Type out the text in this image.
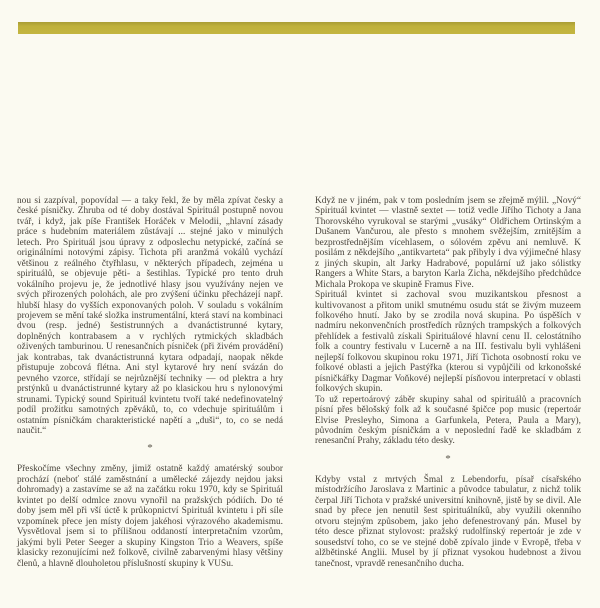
nou si zazpíval, popovídal — a taky řekl, že by měla zpívat česky a české písničky. Zhruba od té doby dostával Spirituál postupně novou tvář, i když, jak píše František Horáček v Melodii, „hlavní zásady práce s hudebním materiálem zůstávají ... stejné jako v minulých letech. Pro Spirituál jsou úpravy z odposlechu netypické, začíná se originálními notovými zápisy. Tichota při aranžmá vokálů vychází většinou z reálného čtyřhlasu, v některých případech, zejména u spirituálů, se objevuje pěti- a šestihlas. Typické pro tento druh vokálního projevu je, že jednotlivé hlasy jsou využívány nejen ve svých přirozených polohách, ale pro zvýšení účinku přecházejí např. hlubší hlasy do vyšších exponovaných poloh. V souladu s vokálním projevem se mění také složka instrumentální, která staví na kombinaci dvou (resp. jedné) šestistrunných a dvanáctistrunné kytary, doplněných kontrabasem a v rychlých rytmických skladbách oživených tamburinou. U renesančních písniček (při živém provádění) jak kontrabas, tak dvanáctistrunná kytara odpadají, naopak někde přistupuje zobcová flétna. Ani styl kytarové hry není svázán do pevného vzorce, střídají se nejrůznější techniky — od plektra a hry prstýnků u dvanáctistrunné kytary až po klasickou hru s nylonovými strunami. Typický sound Spirituál kvintetu tvoří také nedefinovatelný podíl prožitku samotných zpěváků, to, co vdechuje spirituálům i ostatním písničkám charakteristické napětí a „duši“, to, co se nedá naučit.“

*

Přeskočíme všechny změny, jimiž ostatně každý amatérský soubor prochází (neboť stálé zaměstnání a umělecké zájezdy nejdou jaksi dohromady) a zastavíme se až na začátku roku 1970, kdy se Spirituál kvintet po delší odmlce znovu vynořil na pražských pódiích. Do té doby jsem měl při vší úctě k průkopnictví Spirituál kvintetu i při síle vzpomínek přece jen místy dojem jakéhosi výrazového akademismu. Vysvětloval jsem si to přílišnou oddaností interpretačním vzorům, jakými byli Peter Seeger a skupiny Kingston Trio a Weavers, spíše klasicky rezonujícími než folkově, civilně zabarvenými hlasy většiny členů, a hlavně dlouholetou příslušností skupiny k VUSu.

Když ne v jiném, pak v tom posledním jsem se zřejmě mýlil. „Nový“ Spirituál kvintet — vlastně sextet — totiž vedle Jiřího Tichoty a Jana Thorovského vyrukoval se starými „vusáky“ Oldřichem Ortinským a Dušanem Vančurou, ale přesto s mnohem svěžejším, zrnitějším a bezprostřednějším vícehlasem, o sólovém zpěvu ani nemluvě. K posilám z někdejšího „antikvarteta“ pak přibyly i dva výjimečné hlasy z jiných skupin, alt Jarky Hadrabové, populární už jako sólistky Rangers a White Stars, a baryton Karla Zicha, někdejšího předchůdce Michala Prokopa ve skupině Framus Five.

Spirituál kvintet si zachoval svou muzikantskou přesnost a kultivovanost a přitom unikl smutnému osudu stát se živým muzeem folkového hnutí. Jako by se zrodila nová skupina. Po úspěších v nadmíru nekonvenčních prostředích různých trampských a folkových přehlídek a festivalů získali Spirituálové hlavní cenu II. celostátního folk a country festivalu v Lucerně a na III. festivalu byli vyhlášeni nejlepší folkovou skupinou roku 1971, Jiří Tichota osobností roku ve folkové oblasti a jejich Pastýřka (kterou si vypůjčili od krkonošské písničkářky Dagmar Voňkové) nejlepší písňovou interpretací v oblasti folkových skupin.

To už repertoárový záběr skupiny sahal od spirituálů a pracovních písní přes bělošský folk až k současné špičce pop music (repertoár Elvise Presleyho, Simona a Garfunkela, Petera, Paula a Mary), původním českým písničkám a v neposlední řadě ke skladbám z renesanční Prahy, základu této desky.

*

Kdyby vstal z mrtvých Šmal z Lebendorfu, písař císařského místodržícího Jaroslava z Martinic a původce tabulatur, z nichž tolik čerpal Jiří Tichota v pražské universitní knihovně, jistě by se divil. Ale snad by přece jen nenutil šest spirituálníků, aby využili okenního otvoru stejným způsobem, jako jeho defenestrovaný pán. Musel by této desce přiznat stylovost: pražský rudolfínský repertoár je zde v sousedství toho, co se ve stejné době zpívalo jinde v Evropě, třeba v alžbětinské Anglii. Musel by jí přiznat vysokou hudebnost a živou tanečnost, vpravdě renesančního ducha.
